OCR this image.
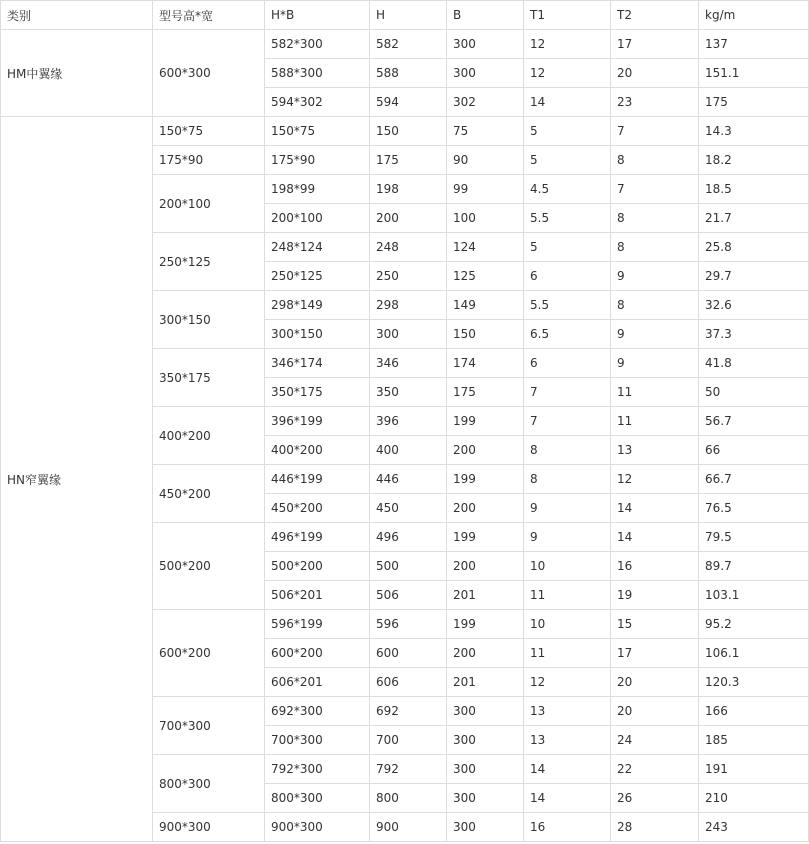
类别	型号高*宽	H*B	H	B	T1	T2	kg/m
HM中翼缘	600*300	582*300	582	300	12	17	137
		588*300	588	300	12	20	151.1
		594*302	594	302	14	23	175
HN窄翼缘	150*75	150*75	150	75	5	7	14.3
	175*90	175*90	175	90	5	8	18.2
	200*100	198*99	198	99	4.5	7	18.5
		200*100	200	100	5.5	8	21.7
	250*125	248*124	248	124	5	8	25.8
		250*125	250	125	6	9	29.7
	300*150	298*149	298	149	5.5	8	32.6
		300*150	300	150	6.5	9	37.3
	350*175	346*174	346	174	6	9	41.8
		350*175	350	175	7	11	50
	400*200	396*199	396	199	7	11	56.7
		400*200	400	200	8	13	66
	450*200	446*199	446	199	8	12	66.7
		450*200	450	200	9	14	76.5
	500*200	496*199	496	199	9	14	79.5
		500*200	500	200	10	16	89.7
		506*201	506	201	11	19	103.1
	600*200	596*199	596	199	10	15	95.2
		600*200	600	200	11	17	106.1
		606*201	606	201	12	20	120.3
	700*300	692*300	692	300	13	20	166
		700*300	700	300	13	24	185
	800*300	792*300	792	300	14	22	191
		800*300	800	300	14	26	210
	900*300	900*300	900	300	16	28	243
